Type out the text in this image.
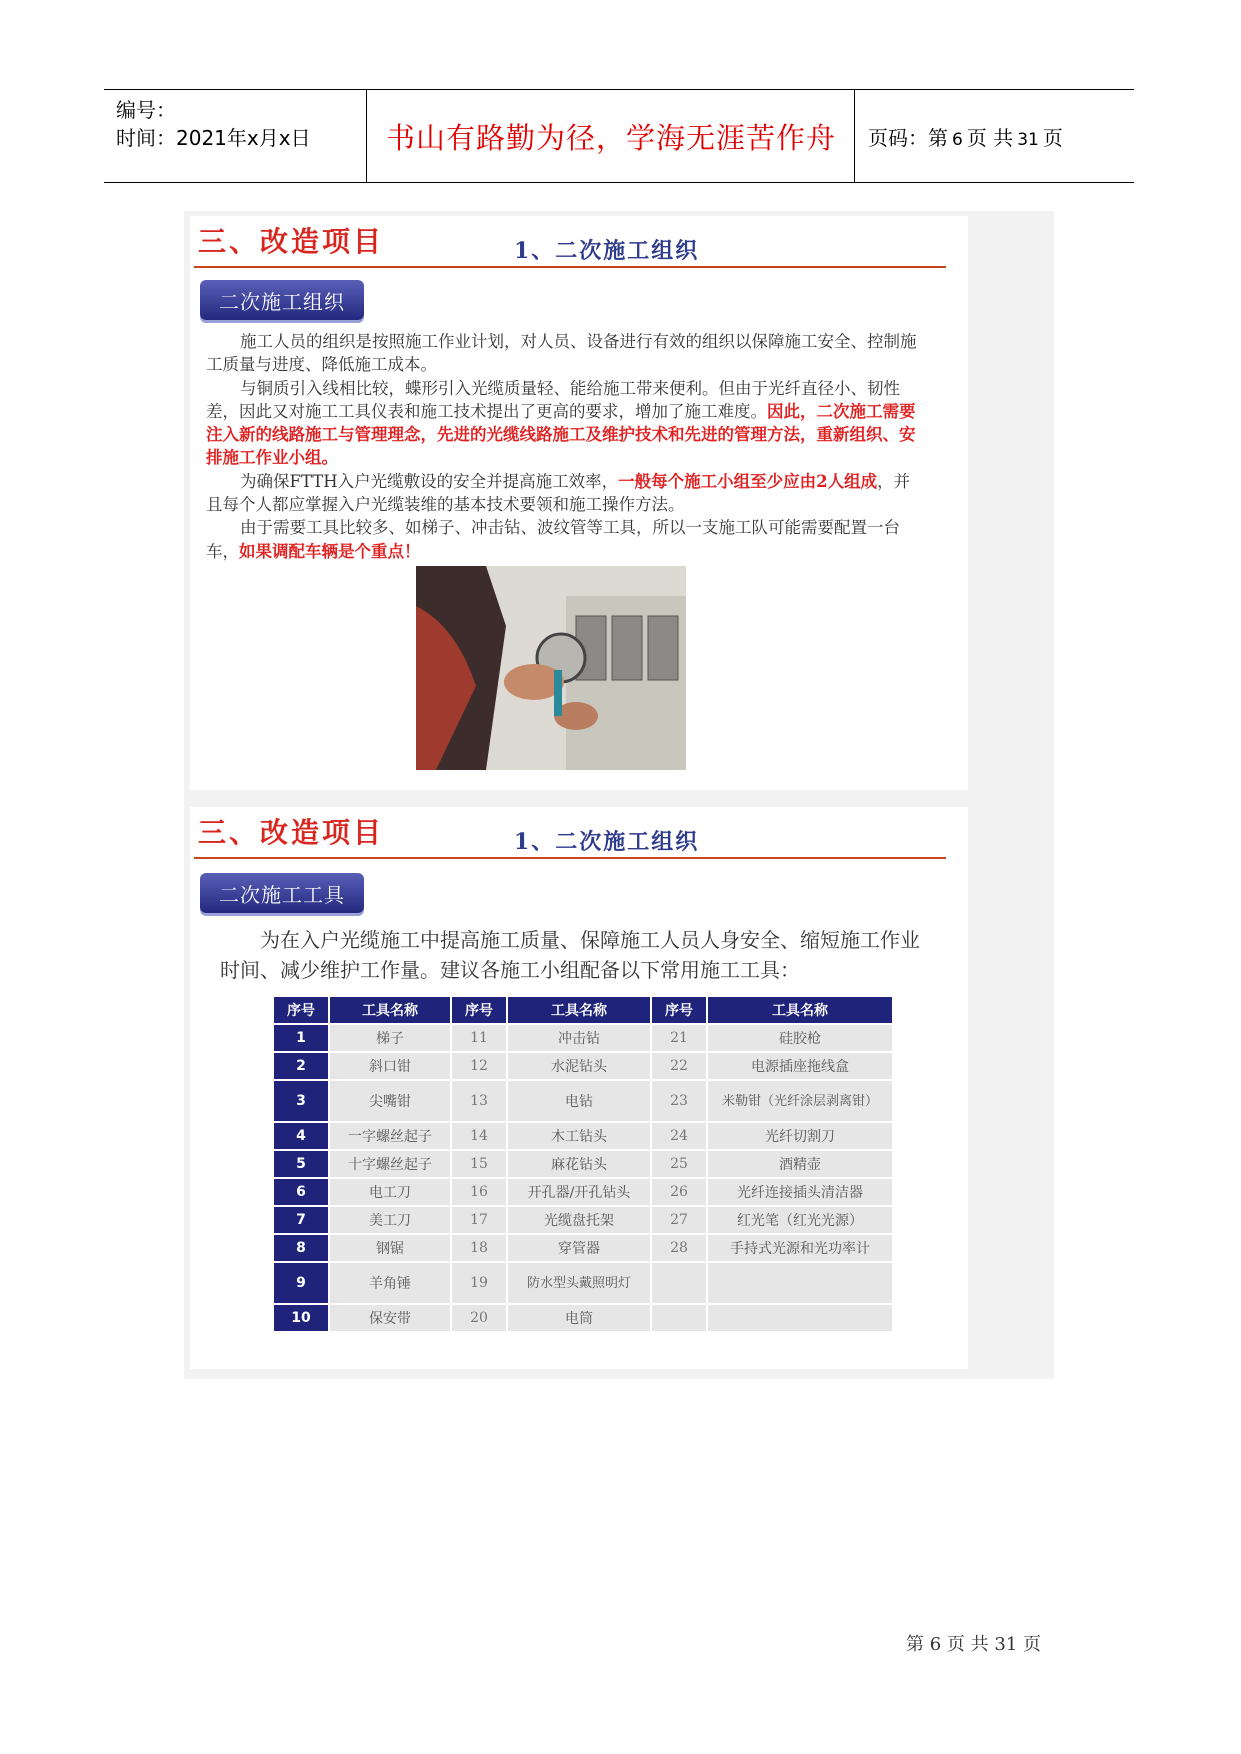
编号：
时间：2021年x月x日	书山有路勤为径，学海无涯苦作舟 页码：第 6 页 共 31 页
三、改造项目	1、二次施工组织
二次施工组织
施工人员的组织是按照施工作业计划，对人员、设备进行有效的组织以保障施工安全、控制施工质量与进度、降低施工成本。
与铜质引入线相比较，蝶形引入光缆质量轻、能给施工带来便利。但由于光纤直径小、韧性差，因此又对施工工具仪表和施工技术提出了更高的要求，增加了施工难度。因此，二次施工需要注入新的线路施工与管理理念，先进的光缆线路施工及维护技术和先进的管理方法，重新组织、安排施工作业小组。
为确保FTTH入户光缆敷设的安全并提高施工效率，一般每个施工小组至少应由2人组成，并且每个人都应掌握入户光缆装维的基本技术要领和施工操作方法。
由于需要工具比较多、如梯子、冲击钻、波纹管等工具，所以一支施工队可能需要配置一台车，如果调配车辆是个重点！
三、改造项目	1、二次施工组织
二次施工工具
为在入户光缆施工中提高施工质量、保障施工人员人身安全、缩短施工作业时间、减少维护工作量。建议各施工小组配备以下常用施工工具：
序号	工具名称	序号	工具名称	序号	工具名称
1	梯子	11	冲击钻	21	硅胶枪
2	斜口钳	12	水泥钻头	22	电源插座拖线盒
3	尖嘴钳	13	电钻	23	米勒钳（光纤涂层剥离钳）
4	一字螺丝起子	14	木工钻头	24	光纤切割刀
5	十字螺丝起子	15	麻花钻头	25	酒精壶
6	电工刀	16	开孔器/开孔钻头	26	光纤连接插头清洁器
7	美工刀	17	光缆盘托架	27	红光笔（红光光源）
8	钢锯	18	穿管器	28	手持式光源和光功率计
9	羊角锤	19	防水型头戴照明灯		
10	保安带	20	电筒		
第 6 页 共 31 页
